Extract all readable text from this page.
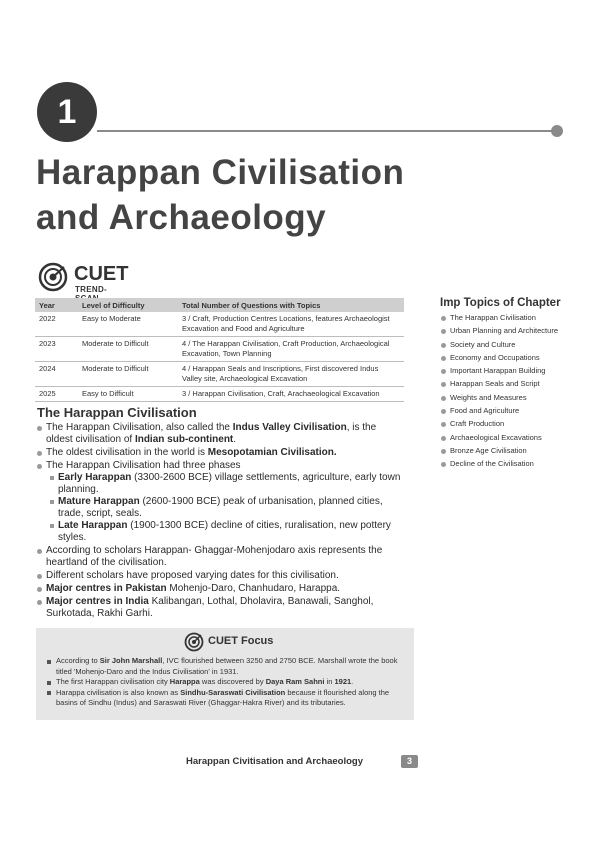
1
Harappan Civilisation
and Archaeology
CUET
TREND-
Year	Level of Difficulty	Total Number of Questions with Topics
2022	Easy to Moderate	3 / Craft, Production Centres Locations, features Archaeologist Excavation and Food and Agriculture
2023	Moderate to Difficult	4 / The Harappan Civilisation, Craft Production, Archaeological Excavation, Town Planning
2024	Moderate to Difficult	4 / Harappan Seals and Inscriptions, First discovered Indus Valley site, Archaeological Excavation
2025	Easy to Difficult	3 / Harappan Civilisation, Craft, Arachaeological Excavation
The Harappan Civilisation
The Harappan Civilisation, also called the Indus Valley Civilisation, is the oldest civilisation of Indian sub-continent.
The oldest civilisation in the world is Mesopotamian Civilisation.
The Harappan Civilisation had three phases
Early Harappan (3300-2600 BCE) village settlements, agriculture, early town planning.
Mature Harappan (2600-1900 BCE) peak of urbanisation, planned cities, trade, script, seals.
Late Harappan (1900-1300 BCE) decline of cities, ruralisation, new pottery styles.
According to scholars Harappan- Ghaggar-Mohenjodaro axis represents the heartland of the civilisation.
Different scholars have proposed varying dates for this civilisation.
Major centres in Pakistan Mohenjo-Daro, Chanhudaro, Harappa.
Major centres in India Kalibangan, Lothal, Dholavira, Banawali, Sanghol, Surkotada, Rakhi Garhi.
CUET Focus
According to Sir John Marshall, IVC flourished between 3250 and 2750 BCE. Marshall wrote the book titled 'Mohenjo-Daro and the Indus Civilisation' in 1931.
The first Harappan civilisation city Harappa was discovered by Daya Ram Sahni in 1921.
Harappa civilisation is also known as Sindhu-Saraswati Civilisation because it flourished along the basins of Sindhu (Indus) and Saraswati River (Ghaggar-Hakra River) and its tributaries.
Imp Topics of Chapter
The Harappan Civilisation
Urban Planning and Architecture
Society and Culture
Economy and Occupations
Important Harappan Building
Harappan Seals and Script
Weights and Measures
Food and Agriculture
Craft Production
Archaeological Excavations
Bronze Age Civilisation
Decline of the Civilisation
Harappan Civitisation and Archaeology	3
